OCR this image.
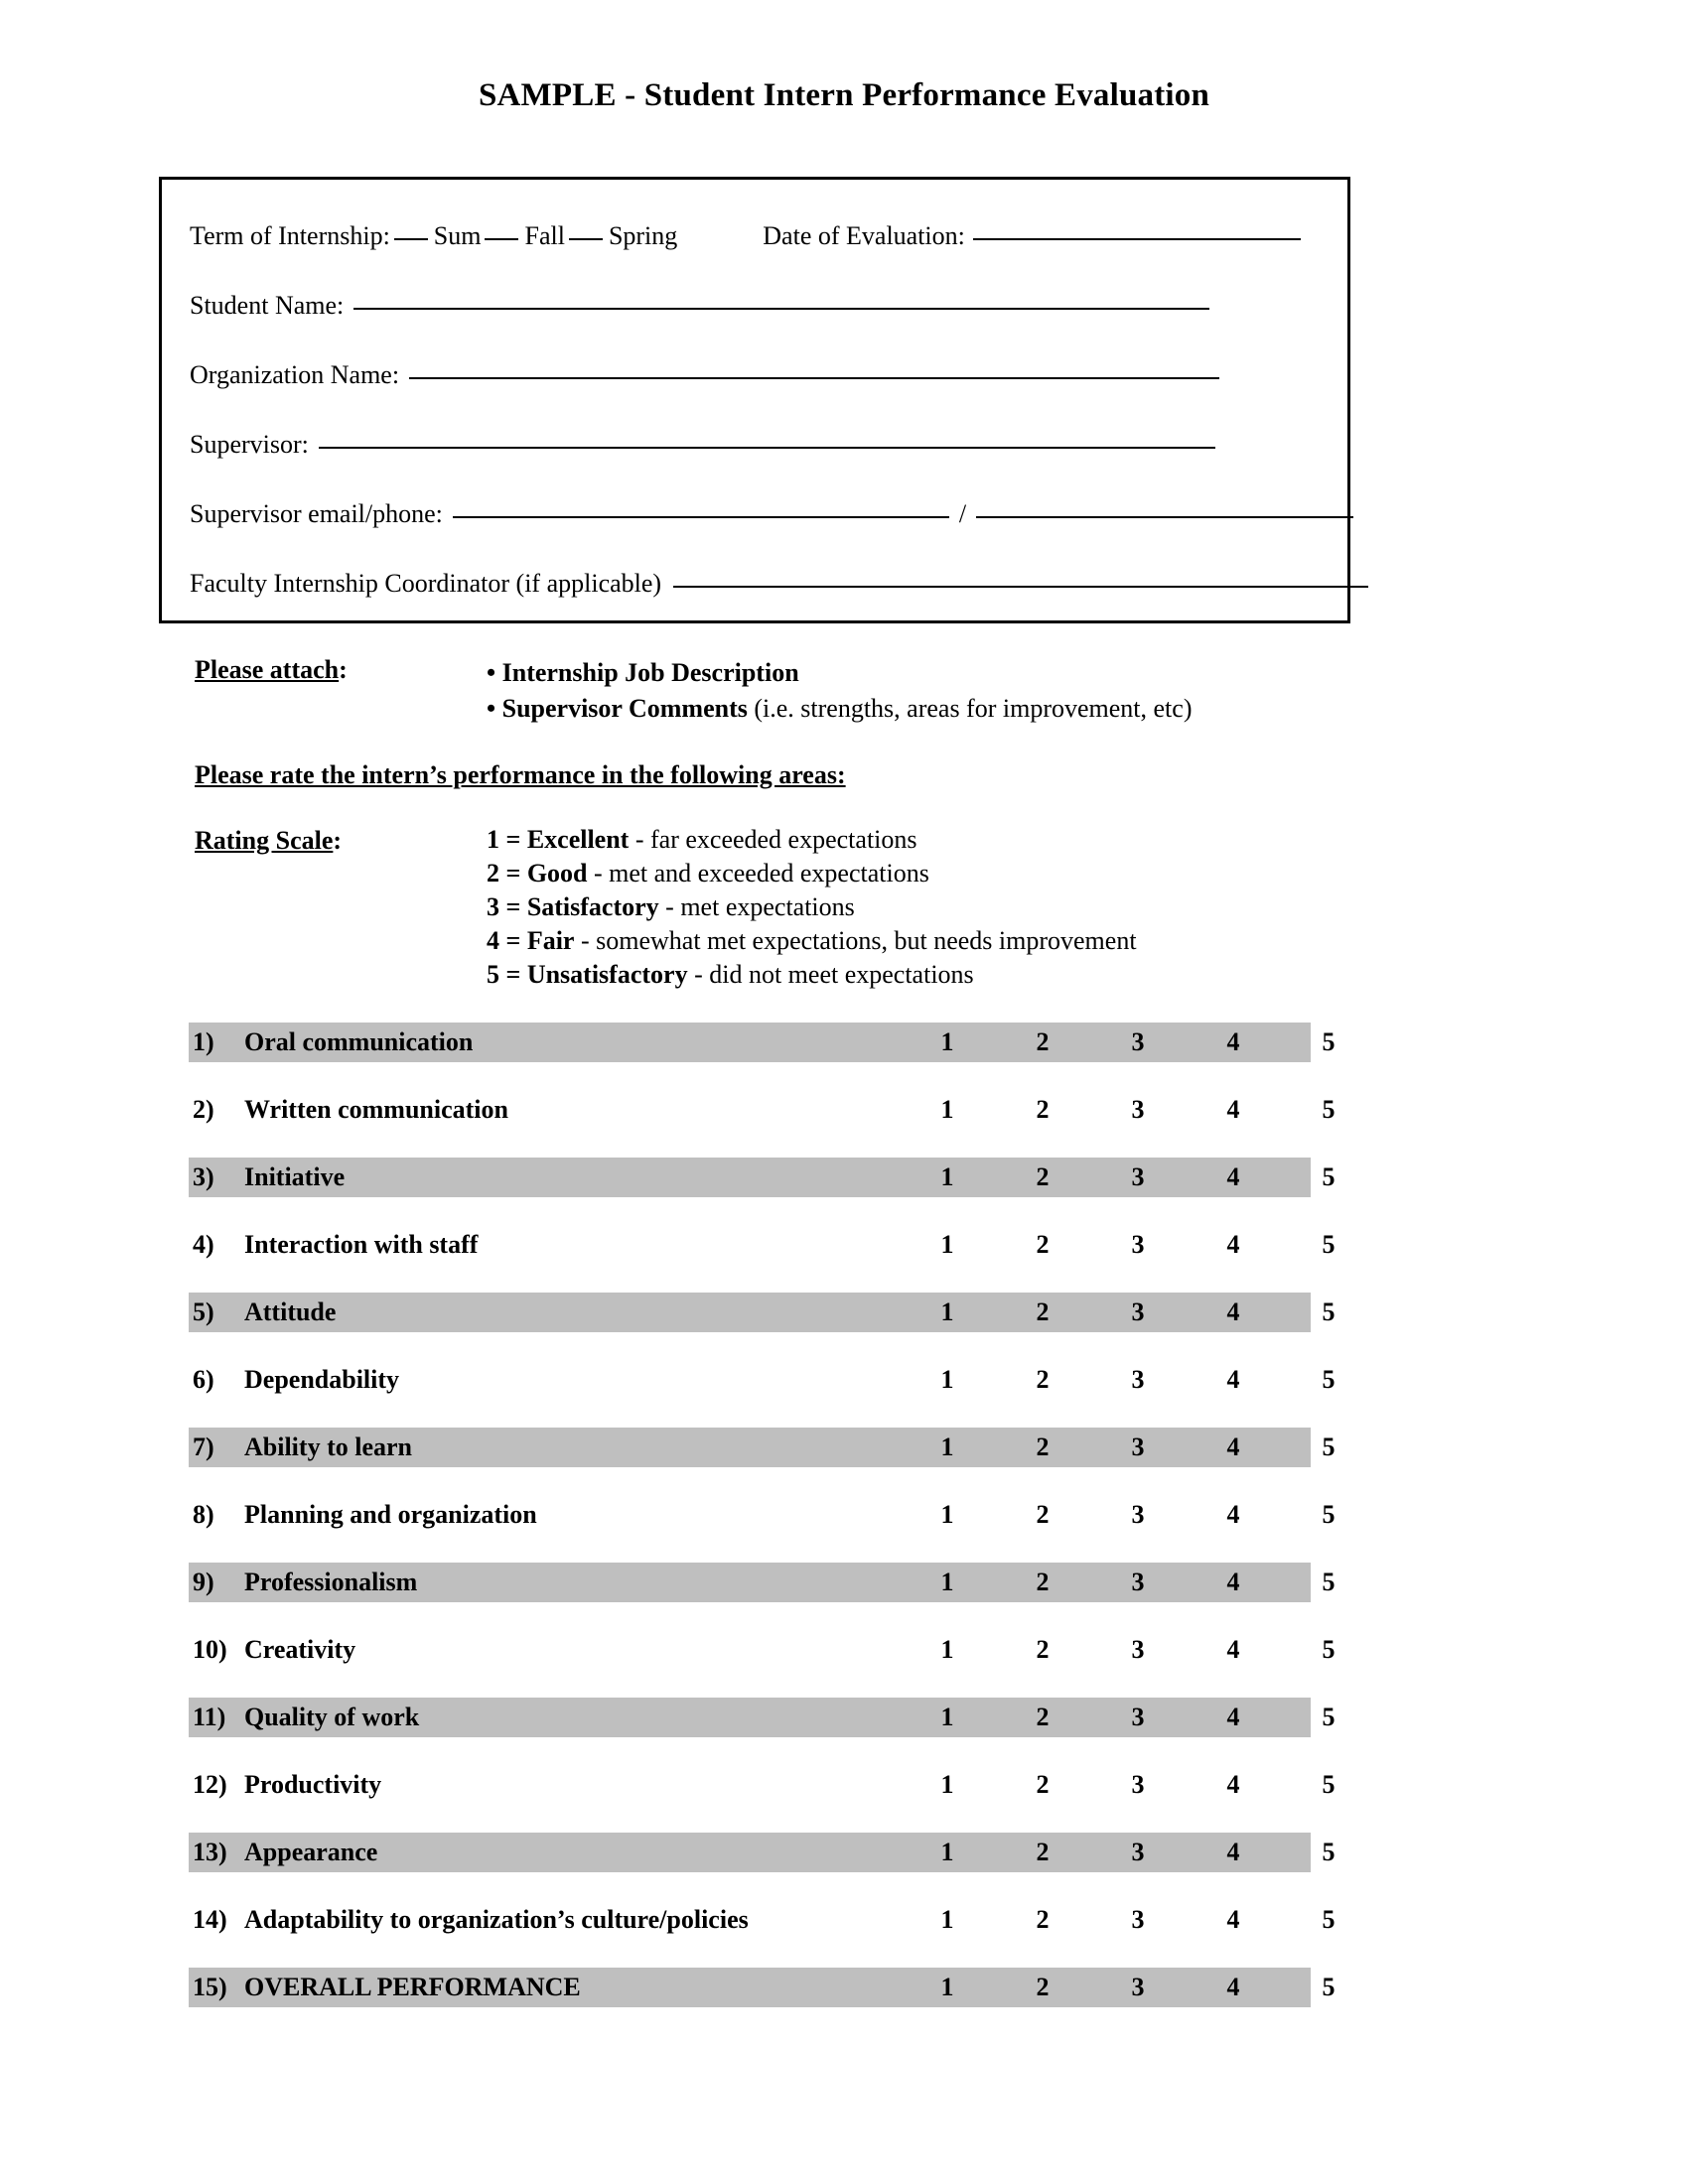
SAMPLE - Student Intern Performance Evaluation
Term of Internship: Sum Fall Spring	Date of Evaluation:
Student Name:
Organization Name:
Supervisor:
Supervisor email/phone:	/
Faculty Internship Coordinator (if applicable)
Please attach:	• Internship Job Description
• Supervisor Comments (i.e. strengths, areas for improvement, etc)
Please rate the intern’s performance in the following areas:
Rating Scale:	1 = Excellent - far exceeded expectations
2 = Good - met and exceeded expectations
3 = Satisfactory - met expectations
4 = Fair - somewhat met expectations, but needs improvement
5 = Unsatisfactory - did not meet expectations
1)	Oral communication	1	2	3	4	5
2)	Written communication	1	2	3	4	5
3)	Initiative	1	2	3	4	5
4)	Interaction with staff	1	2	3	4	5
5)	Attitude	1	2	3	4	5
6)	Dependability	1	2	3	4	5
7)	Ability to learn	1	2	3	4	5
8)	Planning and organization	1	2	3	4	5
9)	Professionalism	1	2	3	4	5
10) Creativity	1	2	3	4	5
11) Quality of work	1	2	3	4	5
12) Productivity	1	2	3	4	5
13) Appearance	1	2	3	4	5
14) Adaptability to organization’s culture/policies	1	2	3	4	5
15) OVERALL PERFORMANCE	1	2	3	4	5
